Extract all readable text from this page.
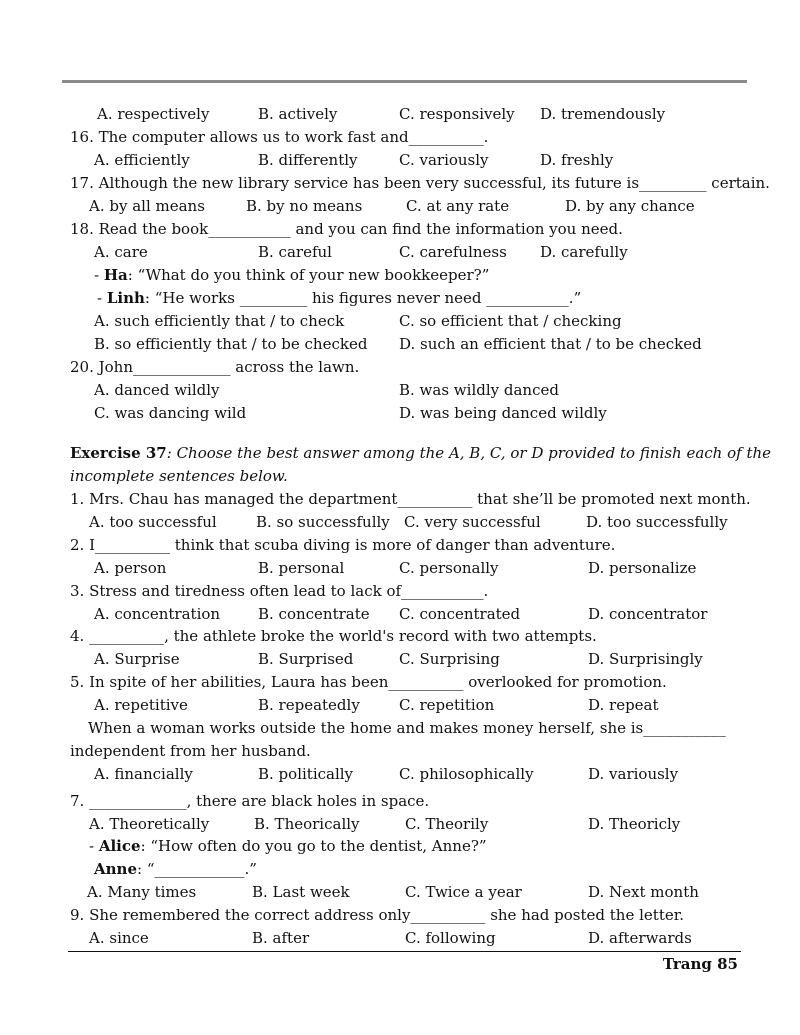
A. respectively	B. actively	C. responsively D. tremendously
16. The computer allows us to work fast and__________.
A. efficiently	B. differently	C. variously	D. freshly
17. Although the new library service has been very successful, its future is_________ certain.
A. by all means	B. by no means	C. at any rate	D. by any chance
18. Read the book___________ and you can find the information you need.
A. care	B. careful	C. carefulness D. carefully
- Ha: “What do you think of your new bookkeeper?”
- Linh: “He works _________ his figures never need ___________.”
A. such efficiently that / to check	C. so efficient that / checking
B. so efficiently that / to be checked D. such an efficient that / to be checked
20. John_____________ across the lawn.
A. danced wildly	B. was wildly danced
C. was dancing wild	D. was being danced wildly
Exercise 37: Choose the best answer among the A, B, C, or D provided to finish each of the
incomplete sentences below.
1. Mrs. Chau has managed the department__________ that she’ll be promoted next month.
A. too successful	B. so successfully C. very successful	D. too successfully
2. I__________ think that scuba diving is more of danger than adventure.
A. person	B. personal	C. personally	D. personalize
3. Stress and tiredness often lead to lack of___________.
A. concentration	B. concentrate C. concentrated	D. concentrator
4. __________, the athlete broke the world's record with two attempts.
A. Surprise	B. Surprised	C. Surprising	D. Surprisingly
5. In spite of her abilities, Laura has been__________ overlooked for promotion.
A. repetitive	B. repeatedly	C. repetition	D. repeat
When a woman works outside the home and makes money herself, she is___________
independent from her husband.
A. financially	B. politically	C. philosophically	D. variously
7. _____________, there are black holes in space.
A. Theoretically	B. Theorically	C. Theorily	D. Theoricly
- Alice: “How often do you go to the dentist, Anne?”
Anne: “____________.”
A. Many times	B. Last week	C. Twice a year	D. Next month
9. She remembered the correct address only__________ she had posted the letter.
A. since	B. after	C. following	D. afterwards
Trang 85
